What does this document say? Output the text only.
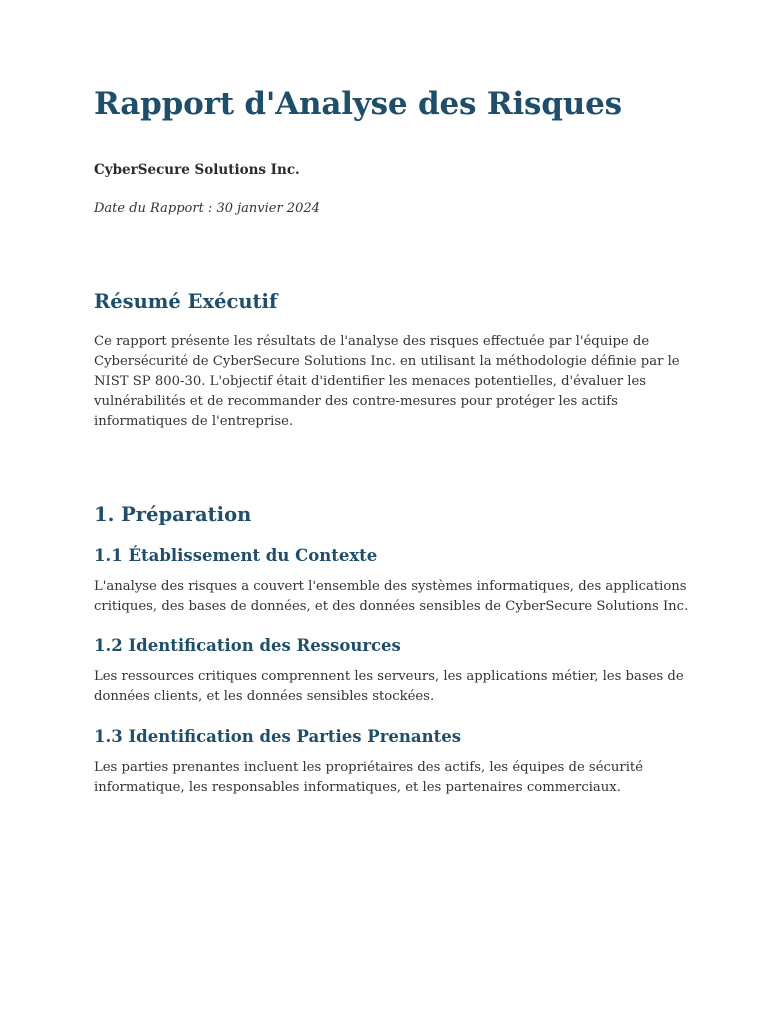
Rapport d'Analyse des Risques

CyberSecure Solutions Inc.

Date du Rapport : 30 janvier 2024

Résumé Exécutif

Ce rapport présente les résultats de l'analyse des risques effectuée par l'équipe de Cybersécurité de CyberSecure Solutions Inc. en utilisant la méthodologie définie par le NIST SP 800-30. L'objectif était d'identifier les menaces potentielles, d'évaluer les vulnérabilités et de recommander des contre-mesures pour protéger les actifs informatiques de l'entreprise.

1. Préparation
1.1 Établissement du Contexte

L'analyse des risques a couvert l'ensemble des systèmes informatiques, des applications critiques, des bases de données, et des données sensibles de CyberSecure Solutions Inc.

1.2 Identification des Ressources

Les ressources critiques comprennent les serveurs, les applications métier, les bases de données clients, et les données sensibles stockées.

1.3 Identification des Parties Prenantes

Les parties prenantes incluent les propriétaires des actifs, les équipes de sécurité informatique, les responsables informatiques, et les partenaires commerciaux.
